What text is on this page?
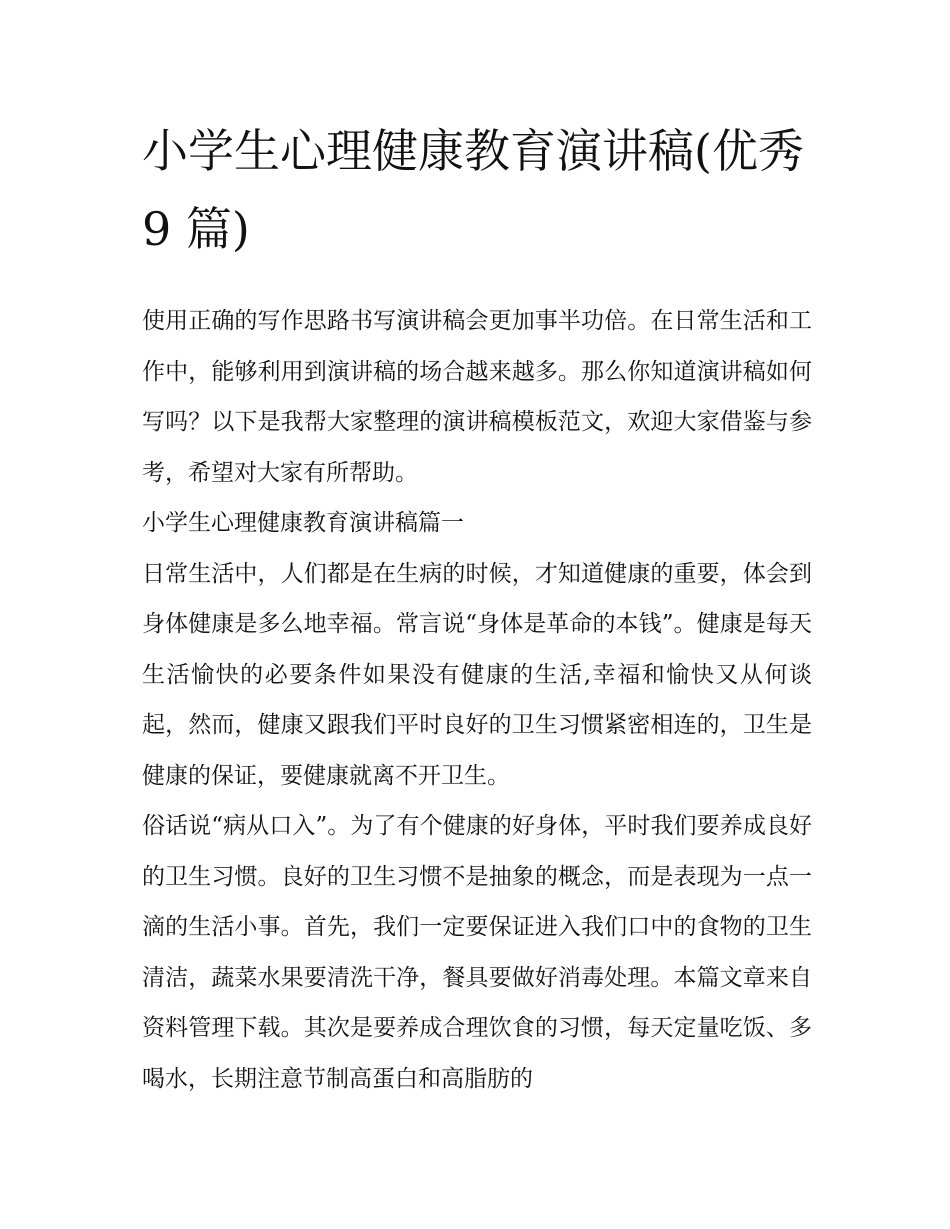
小学生心理健康教育演讲稿(优秀 9 篇)

使用正确的写作思路书写演讲稿会更加事半功倍。在日常生活和工作中，能够利用到演讲稿的场合越来越多。那么你知道演讲稿如何写吗？以下是我帮大家整理的演讲稿模板范文，欢迎大家借鉴与参考，希望对大家有所帮助。

小学生心理健康教育演讲稿篇一

日常生活中，人们都是在生病的时候，才知道健康的重要，体会到身体健康是多么地幸福。常言说“身体是革命的本钱”。健康是每天生活愉快的必要条件如果没有健康的生活,幸福和愉快又从何谈起，然而，健康又跟我们平时良好的卫生习惯紧密相连的，卫生是健康的保证，要健康就离不开卫生。

俗话说“病从口入”。为了有个健康的好身体，平时我们要养成良好的卫生习惯。良好的卫生习惯不是抽象的概念，而是表现为一点一滴的生活小事。首先，我们一定要保证进入我们口中的食物的卫生清洁，蔬菜水果要清洗干净，餐具要做好消毒处理。本篇文章来自资料管理下载。其次是要养成合理饮食的习惯，每天定量吃饭、多喝水，长期注意节制高蛋白和高脂肪的
